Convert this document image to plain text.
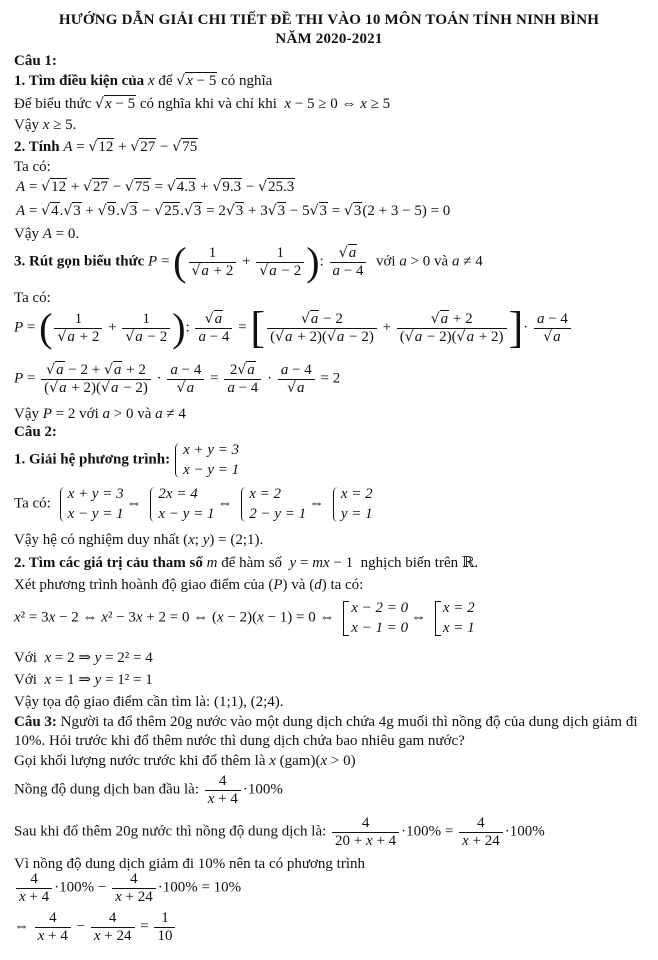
HƯỚNG DẪN GIẢI CHI TIẾT ĐỀ THI VÀO 10 MÔN TOÁN TỈNH NINH BÌNH
NĂM 2020-2021
Câu 1:
1. Tìm điều kiện của x để √x − 5 có nghĩa
Để biểu thức √x − 5 có nghĩa khi và chỉ khi x − 5 ≥ 0 ⇔ x ≥ 5
Vậy x ≥ 5.
2. Tính A = √12 + √27 − √75
Ta có:
A = √12 + √27 − √75 = √4.3 + √9.3 − √25.3
A = √4.√3 + √9.√3 − √25.√3 = 2√3 + 3√3 − 5√3 = √3(2 + 3 − 5) = 0
Vậy A = 0.
3. Rút gọn biểu thức P = ( $\frac{1}{√a + 2} + \frac{1}{√a - 2}$ ): $\frac{√a}{a - 4}$ với a > 0 và a ≠ 4
Ta có:
P = ( $\frac{1}{√a + 2} + \frac{1}{√a - 2}$ ): $\frac{√a}{a - 4}$ = [ $\frac{√a - 2}{(√a + 2)(√a - 2)} + \frac{√a + 2}{(√a - 2)(√a + 2)}$ ]· $\frac{a - 4}{√a}$
$P = \frac{√a - 2 + √a + 2}{(√a + 2)(√a - 2)} \cdot \frac{a - 4}{√a} = \frac{2√a}{a - 4} \cdot \frac{a - 4}{√a} = 2$
Vậy P = 2 với a > 0 và a ≠ 4
Câu 2:
1. Giải hệ phương trình:
x + y = 3
x − y = 1
Ta có:
x + y = 3
x − y = 1
⇔
2x = 4
x − y = 1
⇔
x = 2
2 − y = 1
⇔
x = 2
y = 1
Vậy hệ có nghiệm duy nhất (x; y) = (2;1).
2. Tìm các giá trị cảu tham số m để hàm số y = mx − 1  nghịch biến trên ℝ.
Xét phương trình hoành độ giao điểm của (P) và (d) ta có:
x² = 3x − 2 ⇔ x² − 3x + 2 = 0 ⇔ (x − 2)(x − 1) = 0 ⇔
x − 2 = 0
x − 1 = 0
⇔
x = 2
x = 1
Với x = 2 ⇒ y = 2² = 4
Với x = 1 ⇒ y = 1² = 1
Vậy tọa độ giao điểm cần tìm là: (1;1), (2;4).
Câu 3: Người ta đổ thêm 20g nước vào một dung dịch chứa 4g muối thì nồng độ của dung dịch giảm đi
10%. Hỏi trước khi đổ thêm nước thì dung dịch chứa bao nhiêu gam nước?
Gọi khối lượng nước trước khi đổ thêm là x (gam)(x > 0)
Nồng độ dung dịch ban đầu là: $\frac{4}{x + 4} \cdot 100\%$
Sau khi đổ thêm 20g nước thì nồng độ dung dịch là: $\frac{4}{20 + x + 4} \cdot 100\% = \frac{4}{x + 24} \cdot 100\%$
Vì nồng độ dung dịch giảm đi 10% nên ta có phương trình
$\frac{4}{x + 4} \cdot 100\% - \frac{4}{x + 24} \cdot 100\% = 10\%$
⇔ $\frac{4}{x + 4} - \frac{4}{x + 24} = \frac{1}{10}$
